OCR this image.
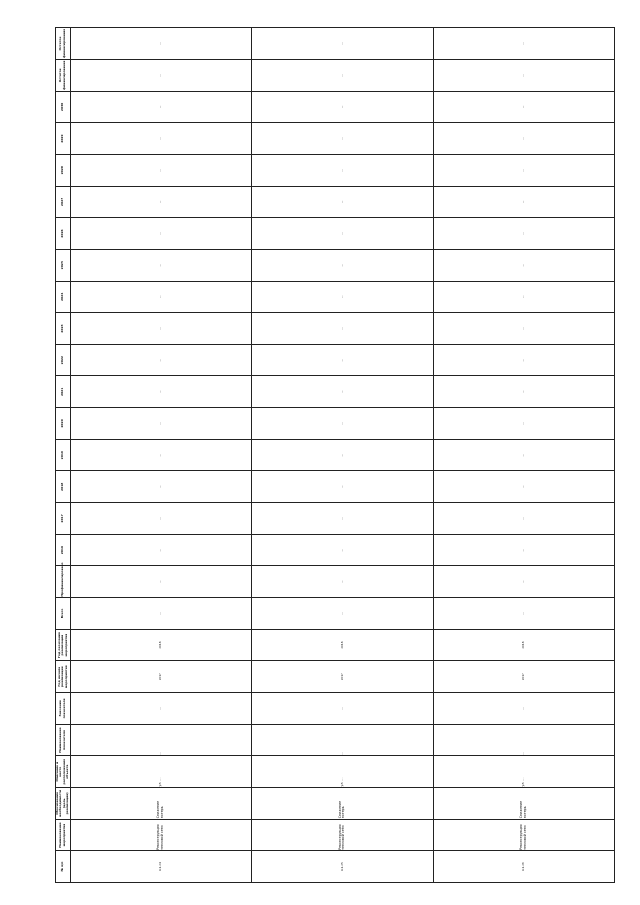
№ п/п	Наименование мероприятия	Обоснование необходимости (цель реализации)	Описание и место расположения объекта	Наименование показателя	Значение показателя	Год начала реализации мероприятия	Год окончания реализации мероприятия	Всего	Профинансировано	2016	2017	2018	2019	2020	2021	2022	2023	2024	2025	2026	2027	2028	2029	2030	Остаток финансирования	Остаток финансирования
4.1.24	Реконструкция тепловой сети	Снижение потерь	ул. ...	...	...	2017	2018	...	...	...	...	...	...	...	...	...	...	...	...	...	...	...	...	...	...	...
4.1.25	Реконструкция тепловой сети	Снижение потерь	ул. ...	...	...	2017	2018	...	...	...	...	...	...	...	...	...	...	...	...	...	...	...	...	...	...	...
4.1.26	Реконструкция тепловой сети	Снижение потерь	ул. ...	...	...	2017	2018	...	...	...	...	...	...	...	...	...	...	...	...	...	...	...	...	...	...	...
